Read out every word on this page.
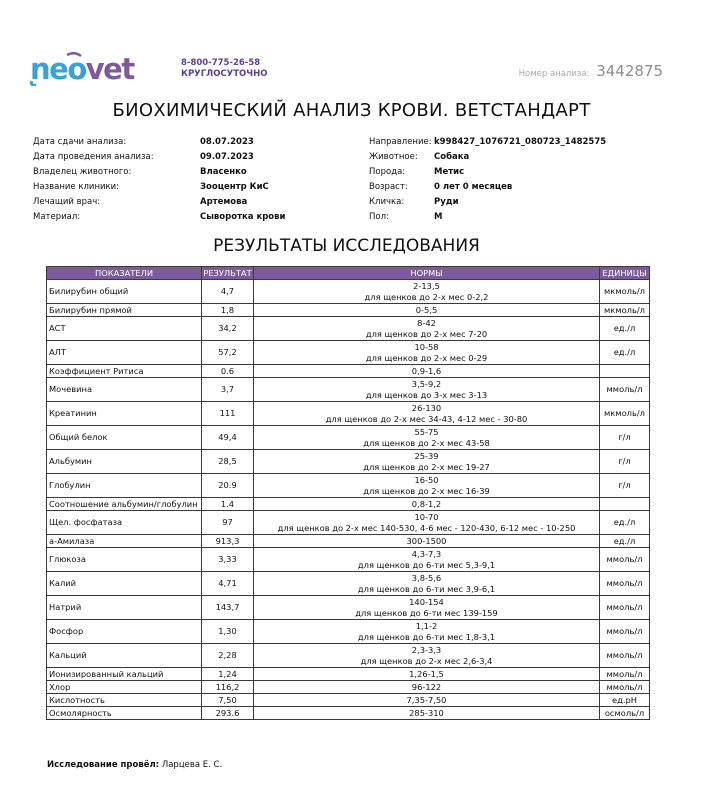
neovet	8-800-775-26-58
КРУГЛОСУТОЧНО	Номер анализа: 3442875
БИОХИМИЧЕСКИЙ АНАЛИЗ КРОВИ. ВЕТСТАНДАРТ
Дата сдачи анализа:	08.07.2023
Дата проведения анализа:	09.07.2023
Владелец животного:	Власенко
Название клиники:	Зооцентр КиС
Лечащий врач:	Артемова
Материал:	Сыворотка крови
Направление: k998427_1076721_080723_1482575
Животное:	Собака
Порода:	Метис
Возраст:	0 лет 0 месяцев
Кличка:	Руди
Пол:	М
РЕЗУЛЬТАТЫ ИССЛЕДОВАНИЯ
ПОКАЗАТЕЛИ	РЕЗУЛЬТАТ	НОРМЫ	ЕДИНИЦЫ
Билирубин общий	4,7	2-13,5
для щенков до 2-х мес 0-2,2	мкмоль/л
Билирубин прямой	1,8	0-5,5	мкмоль/л
АСТ	34,2	8-42
для щенков до 2-х мес 7-20	ед./л
АЛТ	57,2	10-58
для щенков до 2-х мес 0-29	ед./л
Коэффициент Ритиса	0.6	0,9-1,6	

Мочевина	3,7	3,5-9,2
для щенков до 3-х мес 3-13	ммоль/л
Креатинин	111	26-130
для щенков до 2-х мес 34-43, 4-12 мес - 30-80	мкмоль/л
Общий белок	49,4	55-75
для щенков до 2-х мес 43-58	г/л
Альбумин	28,5	25-39
для щенков до 2-х мес 19-27	г/л
Глобулин	20.9	16-50
для щенков до 2-х мес 16-39	г/л
Соотношение альбумин/глобулин	1.4	0,8-1,2	

Щел. фосфатаза	97	10-70
для щенков до 2-х мес 140-530, 4-6 мес - 120-430, 6-12 мес - 10-250	ед./л
a-Амилаза	913,3	300-1500	ед./л
Глюкоза	3,33	4,3-7,3
для щенков до 6-ти мес 5,3-9,1	ммоль/л
Калий	4,71	3,8-5,6
для щенков до 6-ти мес 3,9-6,1	ммоль/л
Натрий	143,7	140-154
для щенков до 6-ти мес 139-159	ммоль/л
Фосфор	1,30	1,1-2
для щенков до 6-ти мес 1,8-3,1	ммоль/л
Кальций	2,28	2,3-3,3
для щенков до 2-х мес 2,6-3,4	ммоль/л
Ионизированный кальций	1,24	1,26-1,5	ммоль/л
Хлор	116,2	96-122	ммоль/л
Кислотность	7,50	7,35-7,50	ед.pH
Осмолярность	293.6	285-310	осмоль/л
Исследование провёл: Ларцева Е. С.
